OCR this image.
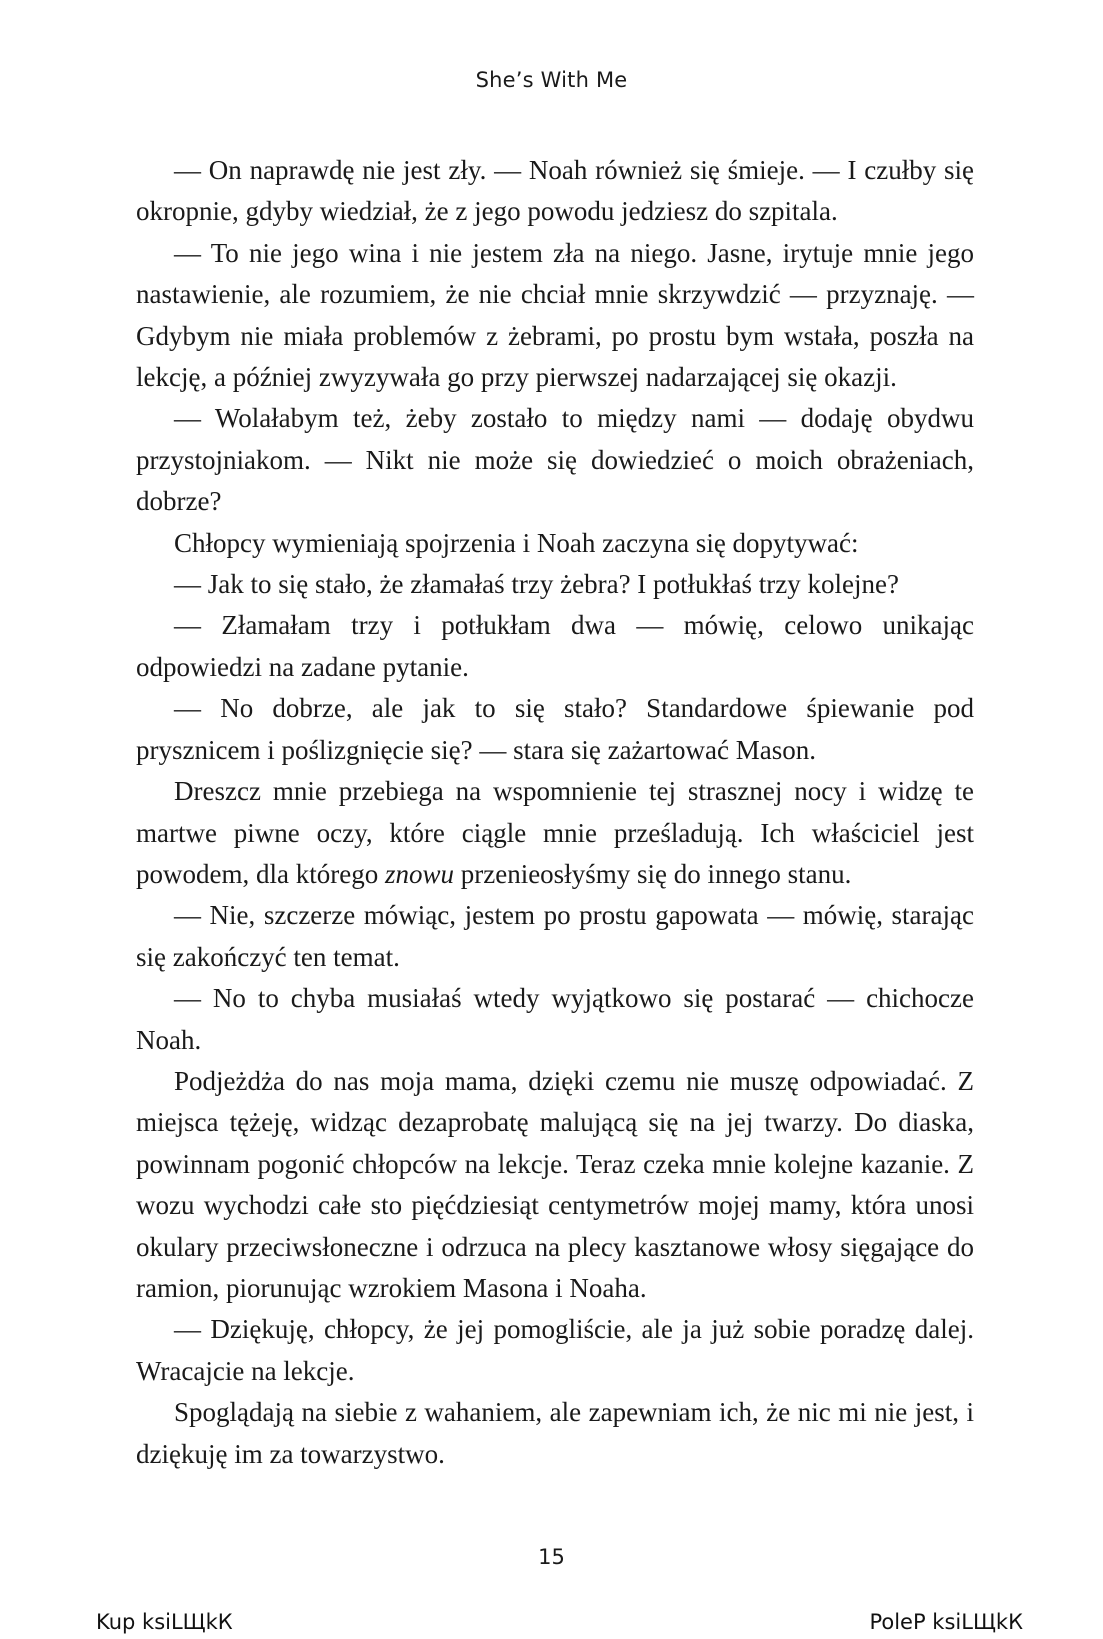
She’s With Me

— On naprawdę nie jest zły. — Noah również się śmieje. — I czułby się okropnie, gdyby wiedział, że z jego powodu jedziesz do szpitala.

— To nie jego wina i nie jestem zła na niego. Jasne, irytuje mnie jego nastawienie, ale rozumiem, że nie chciał mnie skrzywdzić — przyznaję. — Gdybym nie miała problemów z żebrami, po prostu bym wstała, poszła na lekcję, a później zwyzywała go przy pierwszej nadarzającej się okazji.

— Wolałabym też, żeby zostało to między nami — dodaję obydwu przystojniakom. — Nikt nie może się dowiedzieć o moich obrażeniach, dobrze?

Chłopcy wymieniają spojrzenia i Noah zaczyna się dopytywać:

— Jak to się stało, że złamałaś trzy żebra? I potłukłaś trzy kolejne?

— Złamałam trzy i potłukłam dwa — mówię, celowo unikając odpowiedzi na zadane pytanie.

— No dobrze, ale jak to się stało? Standardowe śpiewanie pod prysznicem i poślizgnięcie się? — stara się zażartować Mason.

Dreszcz mnie przebiega na wspomnienie tej strasznej nocy i widzę te martwe piwne oczy, które ciągle mnie prześladują. Ich właściciel jest powodem, dla którego znowu przenieosłyśmy się do innego stanu.

— Nie, szczerze mówiąc, jestem po prostu gapowata — mówię, starając się zakończyć ten temat.

— No to chyba musiałaś wtedy wyjątkowo się postarać — chichocze Noah.

Podjeżdża do nas moja mama, dzięki czemu nie muszę odpowiadać. Z miejsca tężeję, widząc dezaprobatę malującą się na jej twarzy. Do diaska, powinnam pogonić chłopców na lekcje. Teraz czeka mnie kolejne kazanie. Z wozu wychodzi całe sto pięćdziesiąt centymetrów mojej mamy, która unosi okulary przeciwsłoneczne i odrzuca na plecy kasztanowe włosy sięgające do ramion, piorunując wzrokiem Masona i Noaha.

— Dziękuję, chłopcy, że jej pomogliście, ale ja już sobie poradzę dalej. Wracajcie na lekcje.

Spoglądają na siebie z wahaniem, ale zapewniam ich, że nic mi nie jest, i dziękuję im za towarzystwo.

15
Kup ksiLЩkК	PoleР ksiLЩkК
